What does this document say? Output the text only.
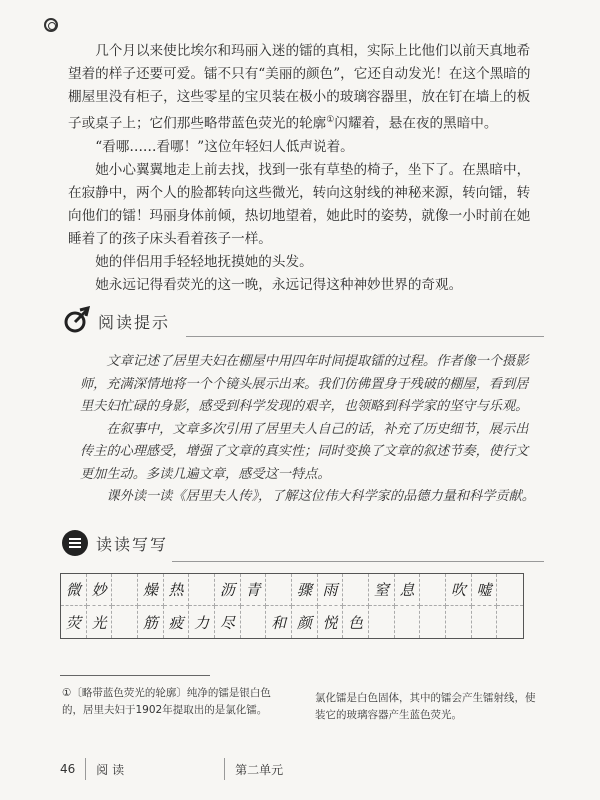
几个月以来使比埃尔和玛丽入迷的镭的真相，实际上比他们以前天真地希望着的样子还要可爱。镭不只有“美丽的颜色”，它还自动发光！在这个黑暗的棚屋里没有柜子，这些零星的宝贝装在极小的玻璃容器里，放在钉在墙上的板子或桌子上；它们那些略带蓝色荧光的轮廓①闪耀着，悬在夜的黑暗中。

“看哪……看哪！”这位年轻妇人低声说着。

她小心翼翼地走上前去找，找到一张有草垫的椅子，坐下了。在黑暗中，在寂静中，两个人的脸都转向这些微光，转向这射线的神秘来源，转向镭，转向他们的镭！玛丽身体前倾，热切地望着，她此时的姿势，就像一小时前在她睡着了的孩子床头看着孩子一样。

她的伴侣用手轻轻地抚摸她的头发。

她永远记得看荧光的这一晚，永远记得这种神妙世界的奇观。

阅读提示

文章记述了居里夫妇在棚屋中用四年时间提取镭的过程。作者像一个摄影师，充满深情地将一个个镜头展示出来。我们仿佛置身于残破的棚屋，看到居里夫妇忙碌的身影，感受到科学发现的艰辛，也领略到科学家的坚守与乐观。

在叙事中，文章多次引用了居里夫人自己的话，补充了历史细节，展示出传主的心理感受，增强了文章的真实性；同时变换了文章的叙述节奏，使行文更加生动。多读几遍文章，感受这一特点。

课外读一读《居里夫人传》，了解这位伟大科学家的品德力量和科学贡献。

读读写写
微 妙	燥 热	沥 青	骤 雨	窒 息	吹 嘘
荧 光	筋 疲 力 尽	和 颜 悦 色
①〔略带蓝色荧光的轮廓〕纯净的镭是银白色的，居里夫妇于1902年提取出的是氯化镭。
氯化镭是白色固体，其中的镭会产生镭射线，使装它的玻璃容器产生蓝色荧光。
46 阅 读	第二单元
